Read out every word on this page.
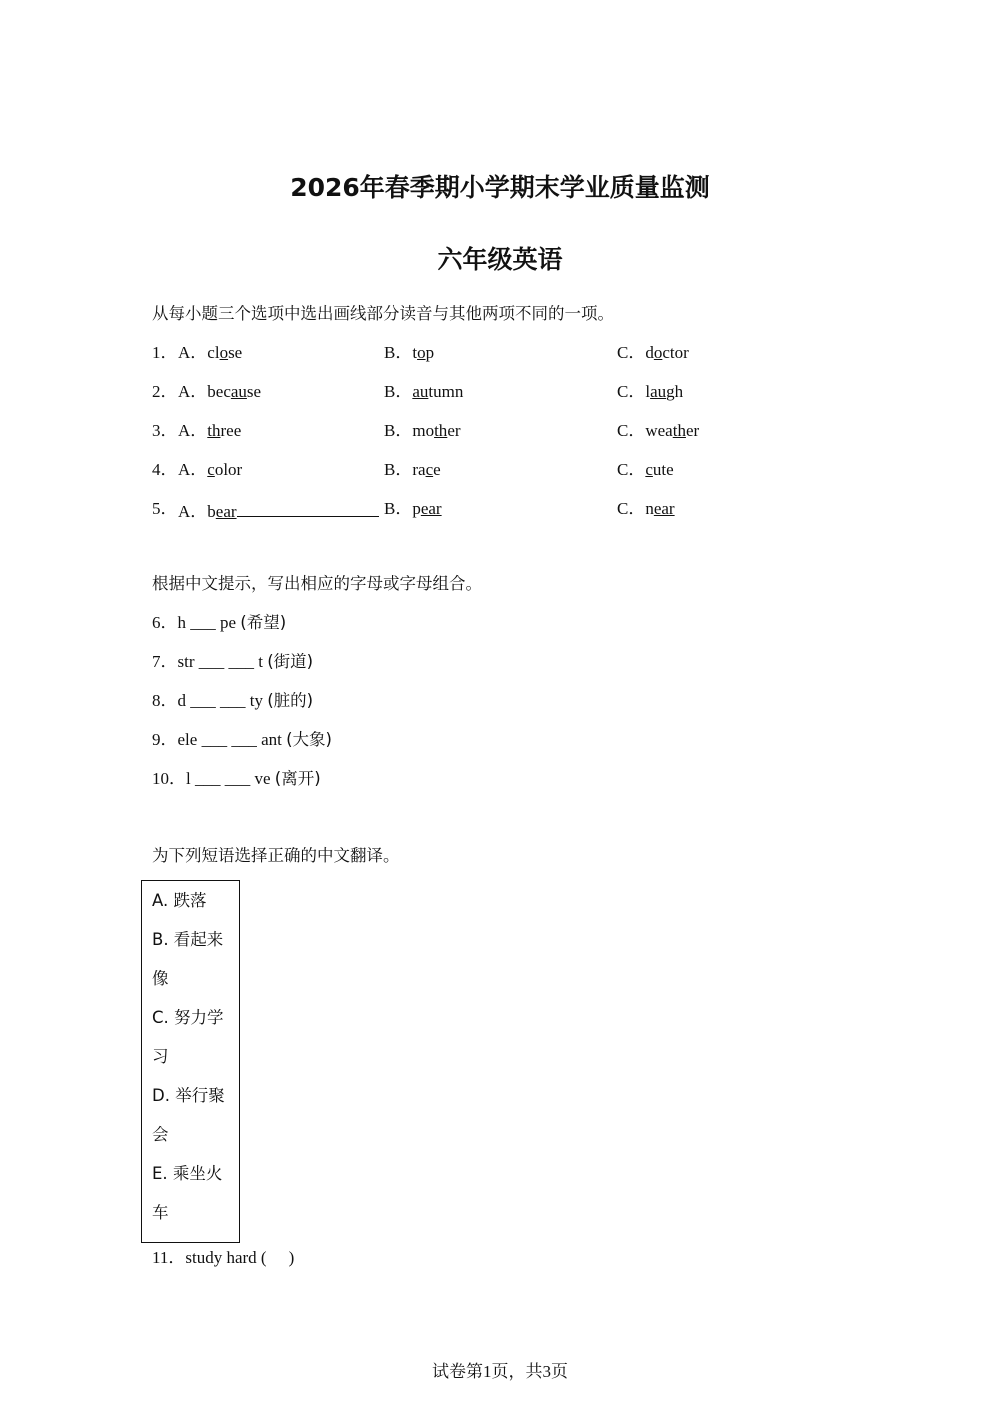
2026年春季期小学期末学业质量监测
六年级英语
从每小题三个选项中选出画线部分读音与其他两项不同的一项。
1． A．close	B．top	C．doctor
2． A．because	B．autumn	C．laugh
3． A．three	B．mother	C．weather
4． A．color	B．race	C．cute
5． A．bear	B．pear	C．near
根据中文提示，写出相应的字母或字母组合。
6．h ___ pe (希望)
7．str ___ ___ t (街道)
8．d ___ ___ ty (脏的)
9．ele ___ ___ ant (大象)
10．l ___ ___ ve (离开)
为下列短语选择正确的中文翻译。
A. 跌落
B. 看起来
像
C. 努力学
习
D. 举行聚
会
E. 乘坐火
车
11．study hard ( )
试卷第1页，共3页
